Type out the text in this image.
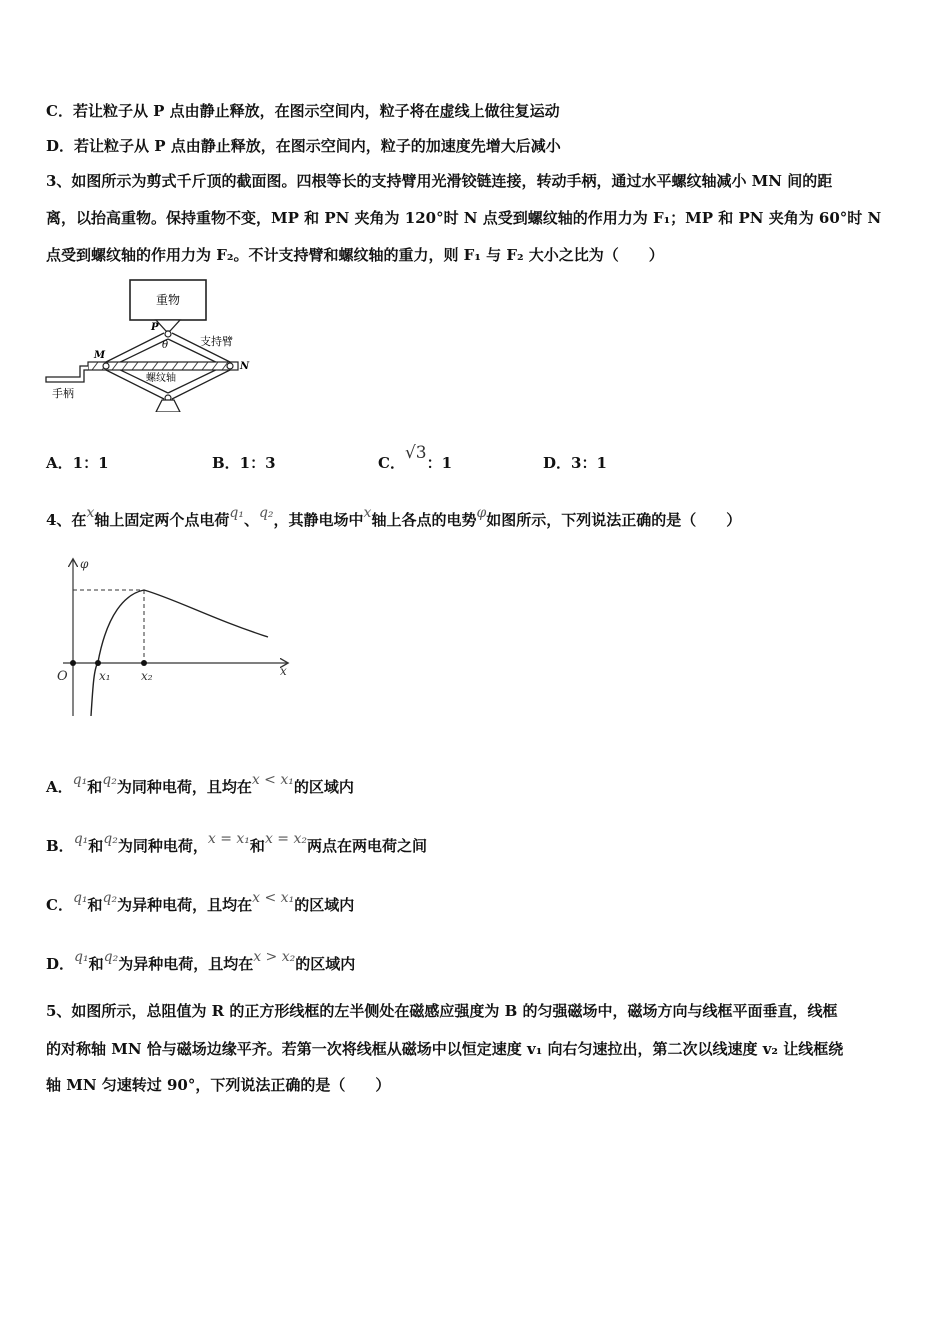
C．若让粒子从 P 点由静止释放，在图示空间内，粒子将在虚线上做往复运动
D．若让粒子从 P 点由静止释放，在图示空间内，粒子的加速度先增大后减小
3、如图所示为剪式千斤顶的截面图。四根等长的支持臂用光滑铰链连接，转动手柄，通过水平螺纹轴减小 MN 间的距
离，以抬高重物。保持重物不变，MP 和 PN 夹角为 120°时 N 点受到螺纹轴的作用力为 F₁；MP 和 PN 夹角为 60°时 N
点受到螺纹轴的作用力为 F₂。不计支持臂和螺纹轴的重力，则 F₁ 与 F₂ 大小之比为（　　）
重物
P
θ	支持臂
M
N
螺纹轴
手柄
A．1：1	B．1：3	C．√3：1	D．3：1
4、在x轴上固定两个点电荷q₁、q₂，其静电场中x轴上各点的电势φ如图所示，下列说法正确的是（　　）
φ
O	x₁	x₂	x
A．q₁和q₂为同种电荷，且均在x < x₁的区域内
B．q₁和q₂为同种电荷，x = x₁和x = x₂两点在两电荷之间
C．q₁和q₂为异种电荷，且均在x < x₁的区域内
D．q₁和q₂为异种电荷，且均在x > x₂的区域内
5、如图所示，总阻值为 R 的正方形线框的左半侧处在磁感应强度为 B 的匀强磁场中，磁场方向与线框平面垂直，线框
的对称轴 MN 恰与磁场边缘平齐。若第一次将线框从磁场中以恒定速度 v₁ 向右匀速拉出，第二次以线速度 v₂ 让线框绕
轴 MN 匀速转过 90°，下列说法正确的是（　　）
